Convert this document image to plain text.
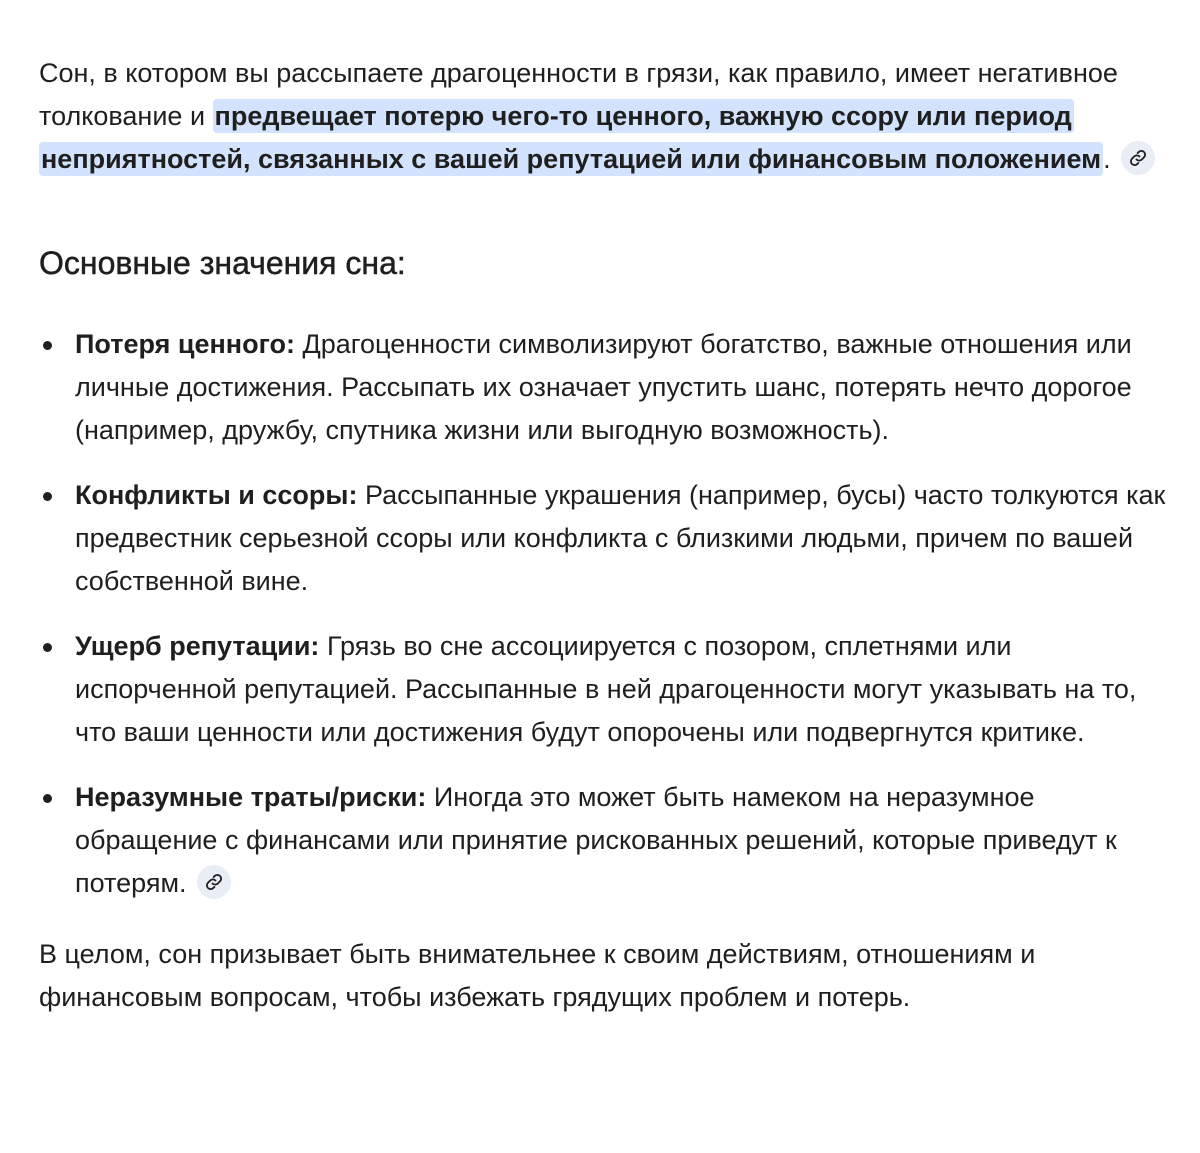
Сон, в котором вы рассыпаете драгоценности в грязи, как правило, имеет негативное толкование и предвещает потерю чего-то ценного, важную ссору или период неприятностей, связанных с вашей репутацией или финансовым положением.

Основные значения сна:
Потеря ценного: Драгоценности символизируют богатство, важные отношения или личные достижения. Рассыпать их означает упустить шанс, потерять нечто дорогое (например, дружбу, спутника жизни или выгодную возможность).
Конфликты и ссоры: Рассыпанные украшения (например, бусы) часто толкуются как предвестник серьезной ссоры или конфликта с близкими людьми, причем по вашей собственной вине.
Ущерб репутации: Грязь во сне ассоциируется с позором, сплетнями или испорченной репутацией. Рассыпанные в ней драгоценности могут указывать на то, что ваши ценности или достижения будут опорочены или подвергнутся критике.
Неразумные траты/риски: Иногда это может быть намеком на неразумное обращение с финансами или принятие рискованных решений, которые приведут к потерям.

В целом, сон призывает быть внимательнее к своим действиям, отношениям и финансовым вопросам, чтобы избежать грядущих проблем и потерь.
